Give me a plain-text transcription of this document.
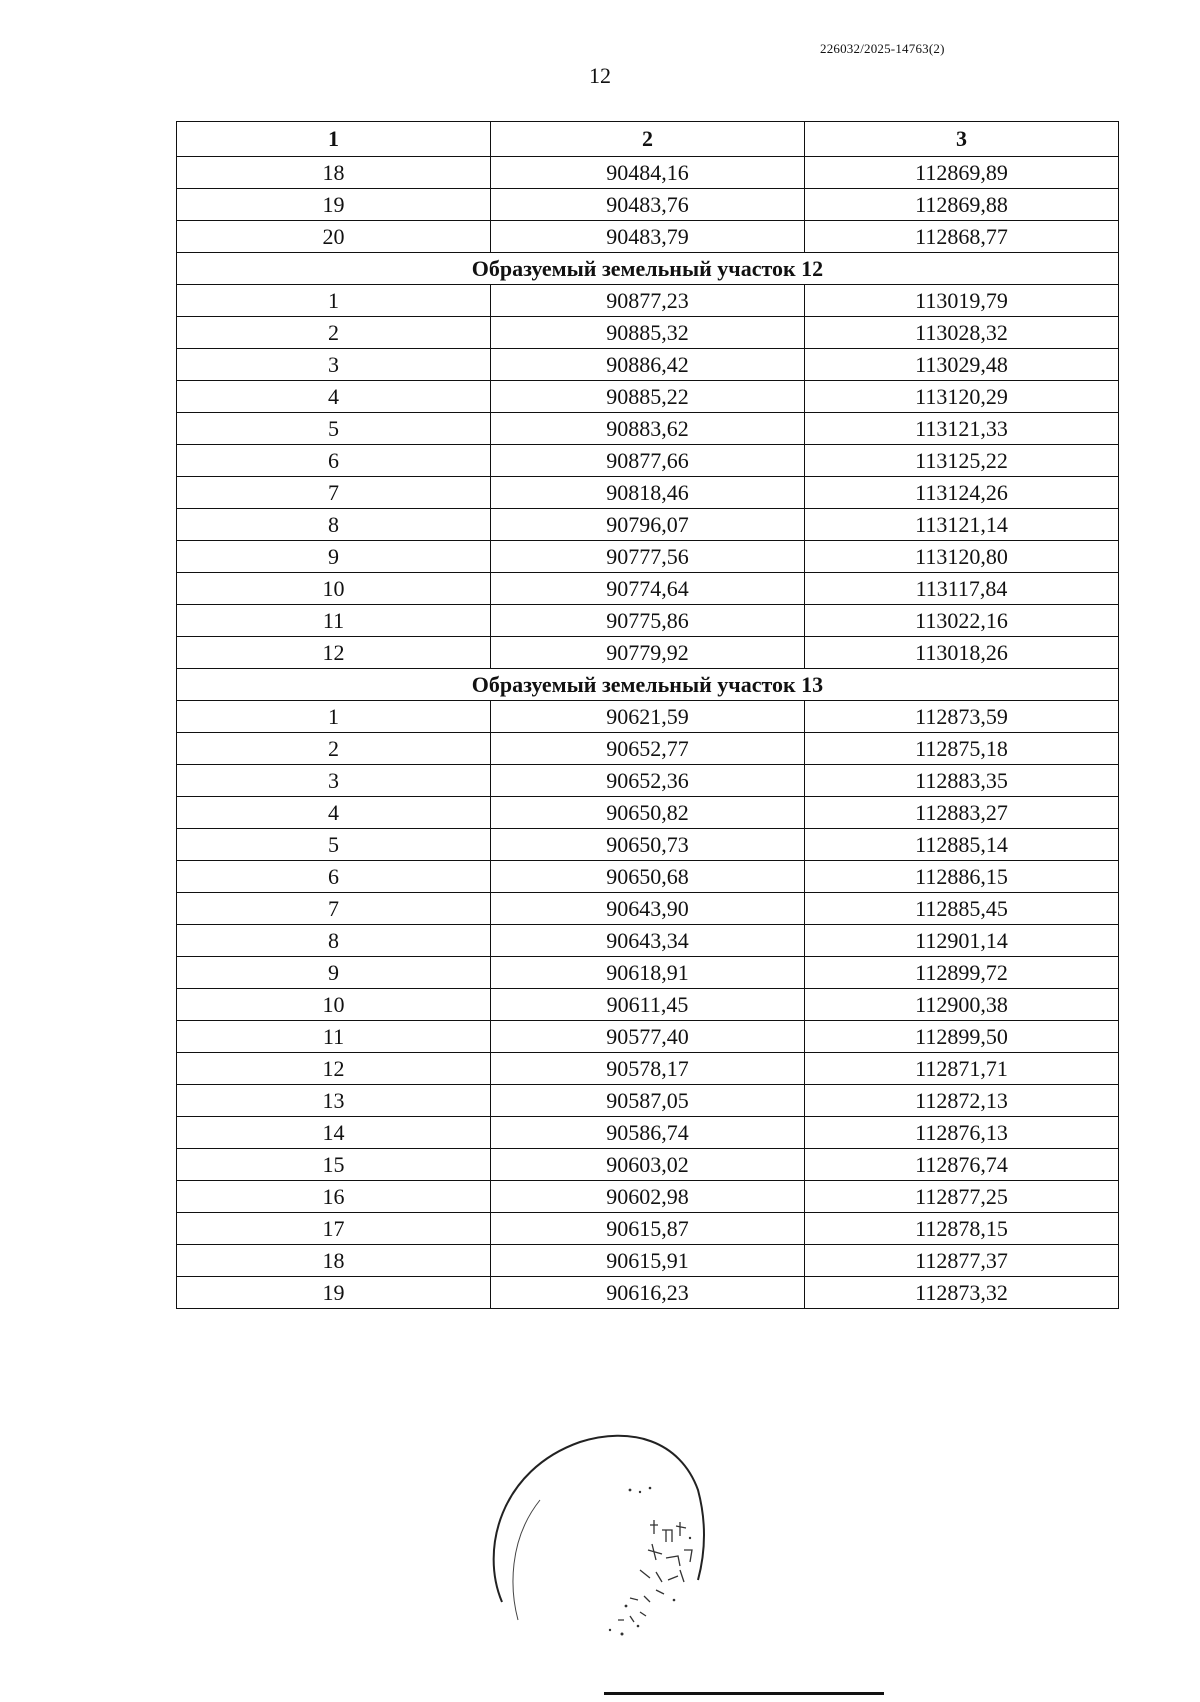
226032/2025-14763(2)
12
1	2	3
18	90484,16	112869,89
19	90483,76	112869,88
20	90483,79	112868,77
Образуемый земельный участок 12		
1	90877,23	113019,79
2	90885,32	113028,32
3	90886,42	113029,48
4	90885,22	113120,29
5	90883,62	113121,33
6	90877,66	113125,22
7	90818,46	113124,26
8	90796,07	113121,14
9	90777,56	113120,80
10	90774,64	113117,84
11	90775,86	113022,16
12	90779,92	113018,26
Образуемый земельный участок 13		
1	90621,59	112873,59
2	90652,77	112875,18
3	90652,36	112883,35
4	90650,82	112883,27
5	90650,73	112885,14
6	90650,68	112886,15
7	90643,90	112885,45
8	90643,34	112901,14
9	90618,91	112899,72
10	90611,45	112900,38
11	90577,40	112899,50
12	90578,17	112871,71
13	90587,05	112872,13
14	90586,74	112876,13
15	90603,02	112876,74
16	90602,98	112877,25
17	90615,87	112878,15
18	90615,91	112877,37
19	90616,23	112873,32
